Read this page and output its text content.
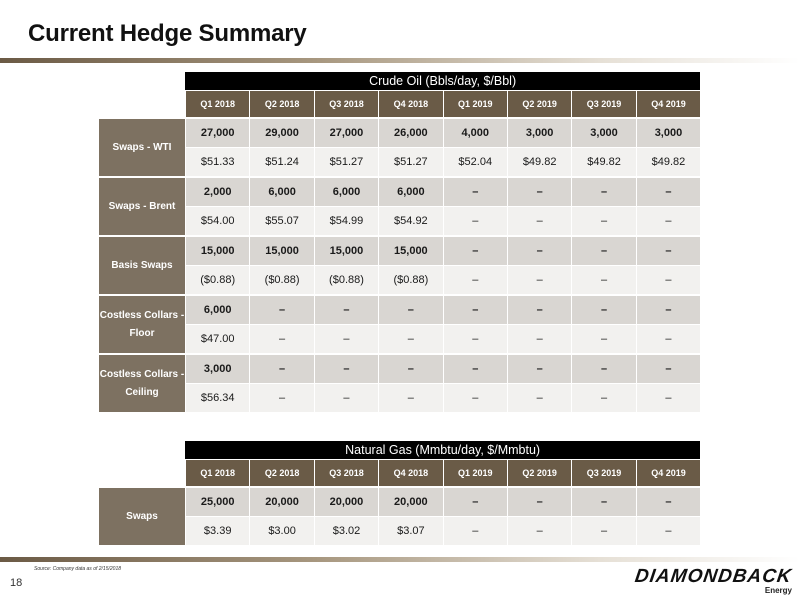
Current Hedge Summary
	Crude Oil (Bbls/day, $/Bbl)							
	Q1 2018	Q2 2018	Q3 2018	Q4 2018	Q1 2019	Q2 2019	Q3 2019	Q4 2019
Swaps - WTI	27,000	29,000	27,000	26,000	4,000	3,000	3,000	3,000
	$51.33	$51.24	$51.27	$51.27	$52.04	$49.82	$49.82	$49.82
Swaps - Brent	2,000	6,000	6,000	6,000	–	–	–	–
	$54.00	$55.07	$54.99	$54.92	–	–	–	–
Basis Swaps	15,000	15,000	15,000	15,000	–	–	–	–
	($0.88)	($0.88)	($0.88)	($0.88)	–	–	–	–
Costless Collars - Floor	6,000	–	–	–	–	–	–	–
	$47.00	–	–	–	–	–	–	–
Costless Collars - Ceiling	3,000	–	–	–	–	–	–	–
	$56.34	–	–	–	–	–	–	–
	Natural Gas (Mmbtu/day, $/Mmbtu)							
	Q1 2018	Q2 2018	Q3 2018	Q4 2018	Q1 2019	Q2 2019	Q3 2019	Q4 2019
Swaps	25,000	20,000	20,000	20,000	–	–	–	–
	$3.39	$3.00	$3.02	$3.07	–	–	–	–
Source: Company data as of 2/15/2018
18	DIAMONDBACK
Energy
